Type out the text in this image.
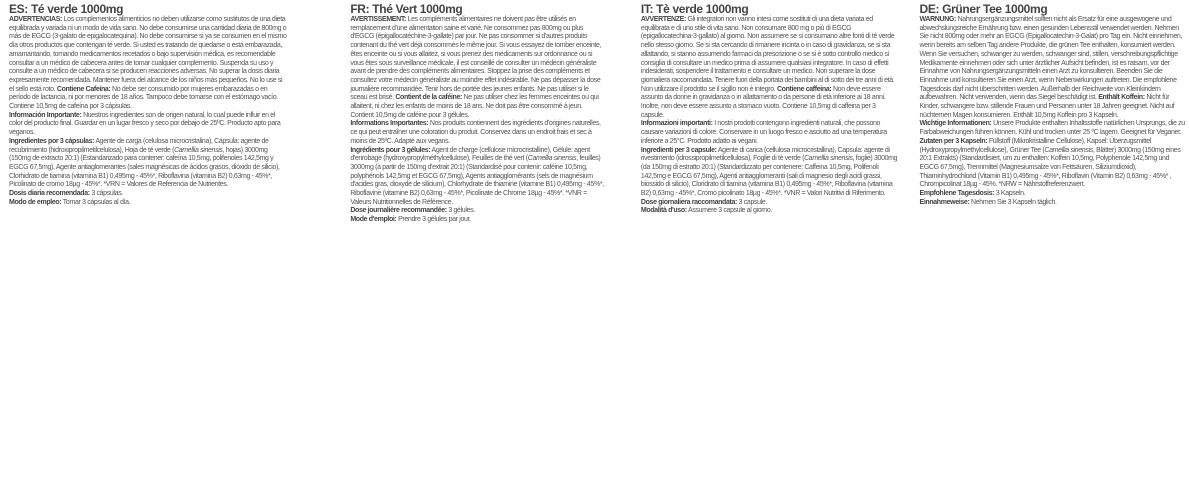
ES: Té verde 1000mg

ADVERTENCIAS: Los complementos alimenticios no deben utilizarse como sustitutos de una dieta equilibrada y variada ni un modo de vida sano. No debe consumirse una cantidad diaria de 800mg o más de EGCG (3-galato de epigalocatequina). No debe consumirse si ya se consumen en el mismo día otros productos que contengan té verde. Si usted es tratando de quedarse o está embarazada, amamantando, tomando medicamentos recetados o bajo supervisión médica, es recomendable consultar a un médico de cabecera antes de tomar cualquier complemento. Suspenda su uso y consulte a un médico de cabecera si se producen reacciones adversas. No superar la dosis diaria expresamente recomendada. Mantener fuera del alcance de los niños más pequeños. No lo use si el sello está roto. Contiene Cafeína: No debe ser consumido por mujeres embarazadas o en período de lactancia, ni por menores de 18 años. Tampoco debe tomarse con el estómago vacío. Contiene 10,5mg de cafeína por 3 cápsulas.

Información Importante: Nuestros ingredientes son de origen natural, lo cual puede influir en el color del producto final. Guardar en un lugar fresco y seco por debajo de 25ºC. Producto apto para veganos.

Ingredientes por 3 cápsulas: Agente de carga (celulosa microcristalina), Cápsula: agente de recubrimiento (hidroxipropilmetilcelulosa), Hoja de té verde (Camellia sinensis, hojas) 3000mg (150mg de extracto 20:1) (Estandarizado para contener: cafeína 10,5mg, polifenoles 142,5mg y EGCG 67,5mg), Agente antiaglomerantes (sales magnésicas de ácidos grasos, dióxido de silicio), Clorhidrato de tiamina (vitamina B1) 0,495mg - 45%*, Riboflavina (vitamina B2) 0,63mg - 45%*, Picolinato de cromo 18µg - 45%*. *VRN = Valores de Referencia de Nutrientes.

Dosis diaria recomendada: 3 cápsulas.

Modo de empleo: Tomar 3 cápsulas al día.

FR: Thé Vert 1000mg

AVERTISSEMENT: Les compléments alimentaires ne doivent pas être utilisés en remplacement d'une alimentation saine et varié. Ne consommez pas 800mg ou plus d'EGCG (épigallocatéchine-3-gallate) par jour. Ne pas consommer si d'autres produits contenant du thé vert déjà consommés le même jour. Si vous essayez de tomber enceinte, êtes enceinte ou si vous allaitez, si vous prenez des médicaments sur ordonnance ou si vous êtes sous surveillance médicale, il est conseillé de consulter un médecin généraliste avant de prendre des compléments alimentaires. Stoppez la prise des compléments et consultez votre médecin généraliste au moindre effet indésirable. Ne pas dépasser la dose journalière recommandée. Tenir hors de portée des jeunes enfants. Ne pas utiliser si le sceau est brisé. Contient de la caféine: Ne pas utiliser chez les femmes enceintes ou qui allaitent, ni chez les enfants de moins de 18 ans. Ne doit pas être consommé à jeun. Contient 10,5mg de caféine pour 3 gélules.

Informations Importantes: Nos produits contiennent des ingrédients d'origines naturelles, ce qui peut entraîner une coloration du produit. Conservez dans un endroit frais et sec à moins de 25ºC. Adapté aux vegans.

Ingrédients pour 3 gélules: Agent de charge (cellulose microcristalline), Gélule: agent d'enrobage (hydroxypropylméthylcellulose), Feuilles de thé vert (Camellia sinensis, feuilles) 3000mg (à partir de 150mg d'extrait 20:1) (Standardisé pour contenir: caféine 10,5mg, polyphénols 142,5mg et EGCG 67,5mg), Agents antiagglomérants (sels de magnésium d'acides gras, dioxyde de silicium), Chlorhydrate de thiamine (vitamine B1) 0,495mg - 45%*, Riboflavine (vitamine B2) 0,63mg - 45%*, Picolinate de Chrome 18µg - 45%*. *VNR = Valeurs Nutritionnelles de Référence.

Dose journalière recommandée: 3 gélules.

Mode d'emploi: Prendre 3 gélules par jour.

IT: Tè verde 1000mg

AVVERTENZE: Gli integratori non vanno intesi come sostituti di una dieta variata ed equilibrata e di uno stile di vita sano. Non consumare 800 mg o più di EGCG (epigallocatechina-3-gallato) al giorno. Non assumere se si consumano altre fonti di tè verde nello stesso giorno. Se si sta cercando di rimanere incinta o in caso di gravidanza, se si sta allattando, si stanno assumendo farmaci da prescrizione o se si è sotto controllo medico si consiglia di consultare un medico prima di assumere qualsiasi integratore. In caso di effetti indesiderati, sospendere il trattamento e consultare un medico. Non superare la dose giornaliera raccomandata. Tenere fuori della portata dei bambini al di sotto dei tre anni di età. Non utilizzare il prodotto se il sigillo non è integro. Contiene caffeina: Non deve essere assunto da donne in gravidanza o in allattamento o da persone di età inferiore ai 18 anni. Inoltre, non deve essere assunto a stomaco vuoto. Contiene 10,5mg di caffeina per 3 capsule.

Informazioni importanti: I nostri prodotti contengono ingredienti naturali, che possono causare variazioni di colore. Conservare in un luogo fresco e asciutto ad una temperatura inferiore a 25°C. Prodotto adatto ai vegani.

Ingredienti per 3 capsule: Agente di carica (cellulosa microcristallina), Capsula: agente di rivestimento (idrossipropilmetilcellulosa), Foglie di tè verde (Camellia sinensis, foglie) 3000mg (da 150mg di estratto 20:1) (Standardizzato per contenere: Caffeina 10,5mg, Polifenoli 142,5mg e EGCG 67,5mg), Agenti antiagglomeranti (sali di magnesio degli acidi grassi, biossido di silicio), Cloridrato di tiamina (vitamina B1) 0,495mg - 45%*, Riboflavina (vitamina B2) 0,63mg - 45%*, Cromo picolinato 18µg - 45%*. *VNR = Valori Nutritivi di Riferimento.

Dose giornaliera raccomandata: 3 capsule.

Modalità d'uso: Assumere 3 capsule al giorno.

DE: Grüner Tee 1000mg

WARNUNG: Nahrungsergänzungsmittel sollten nicht als Ersatz für eine ausgewogene und abwechslungsreiche Ernährung bzw. einen gesunden Lebensstil verwendet werden. Nehmen Sie nicht 800mg oder mehr an EGCG (Epigallocatechin-3-Galat) pro Tag ein. Nicht einnehmen, wenn bereits am selben Tag andere Produkte, die grünen Tee enthalten, konsumiert werden. Wenn Sie versuchen, schwanger zu werden, schwanger sind, stillen, verschreibungspflichtige Medikamente einnehmen oder sich unter ärztlicher Aufsicht befinden, ist es ratsam, vor der Einnahme von Nahrungsergänzungsmitteln einen Arzt zu konsultieren. Beenden Sie die Einnahme und konsultieren Sie einen Arzt, wenn Nebenwirkungen auftreten. Die empfohlene Tagesdosis darf nicht überschritten werden. Außerhalb der Reichweite von Kleinkindern aufbewahren. Nicht verwenden, wenn das Siegel beschädigt ist. Enthält Koffein: Nicht für Kinder, schwangere bzw. stillende Frauen und Personen unter 18 Jahren geeignet. Nicht auf nüchternen Magen konsumieren. Enthält 10,5mg Koffein pro 3 Kapseln.

Wichtige Informationen: Unsere Produkte enthalten Inhaltsstoffe natürlichen Ursprungs, die zu Farbabweichungen führen können. Kühl und trocken unter 25 ºC lagern. Geeignet für Veganer.

Zutaten per 3 Kapseln: Füllstoff (Mikrokristalline Cellulose), Kapsel: Überzugsmittel (Hydroxypropylmethylcellulose), Grüner Tee (Camellia sinensis, Blätter) 3000mg (150mg eines 20:1 Extrakts) (Standardisiert, um zu enthalten: Koffein 10,5mg, Polyphenole 142,5mg und EGCG 67,5mg), Trennmittel (Magnesiumsalze von Fettsäuren, Siliziumdioxid), Thiaminhydrochlorid (Vitamin B1) 0,495mg - 45%*, Riboflavin (Vitamin B2) 0,63mg - 45%* , Chrompicolinat 18µg - 45%. *NRW = Nährstoffreferenzwert.

Empfohlene Tagesdosis: 3 Kapseln.

Einnahmeweise: Nehmen Sie 3 Kapseln täglich.
